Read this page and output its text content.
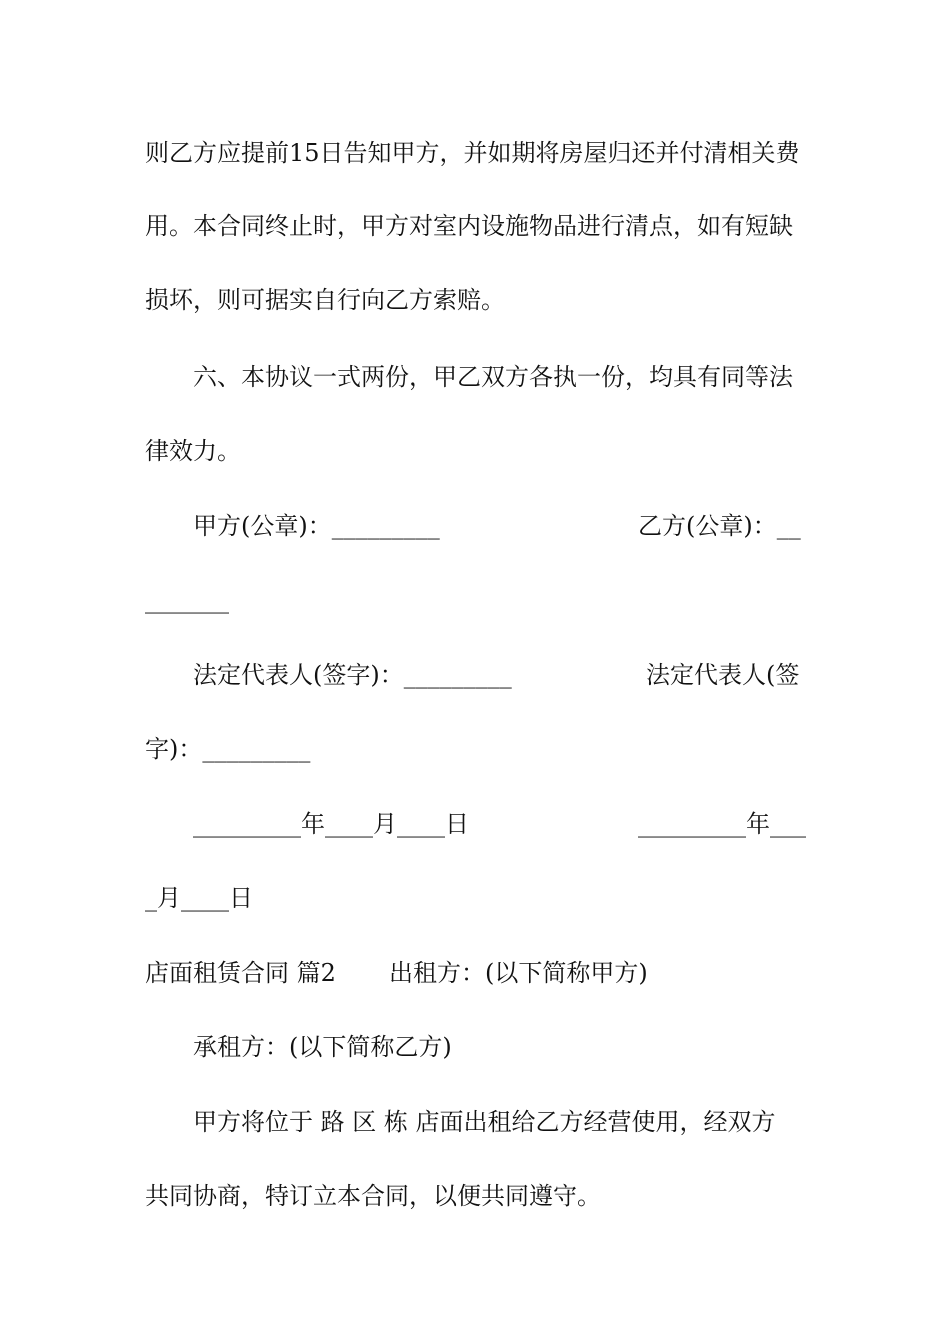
则乙方应提前15日告知甲方，并如期将房屋归还并付清相关费
用。本合同终止时，甲方对室内设施物品进行清点，如有短缺
损坏，则可据实自行向乙方索赔。
六、本协议一式两份，甲乙双方各执一份，均具有同等法
律效力。
甲方(公章)：_________	乙方(公章)：__
_______
法定代表人(签字)：_________	法定代表人(签
字)：_________
_________年____月____日	_________年___
_月____日
店面租赁合同 篇2 出租方：(以下简称甲方)
承租方：(以下简称乙方)
甲方将位于 路 区 栋 店面出租给乙方经营使用，经双方
共同协商，特订立本合同，以便共同遵守。
